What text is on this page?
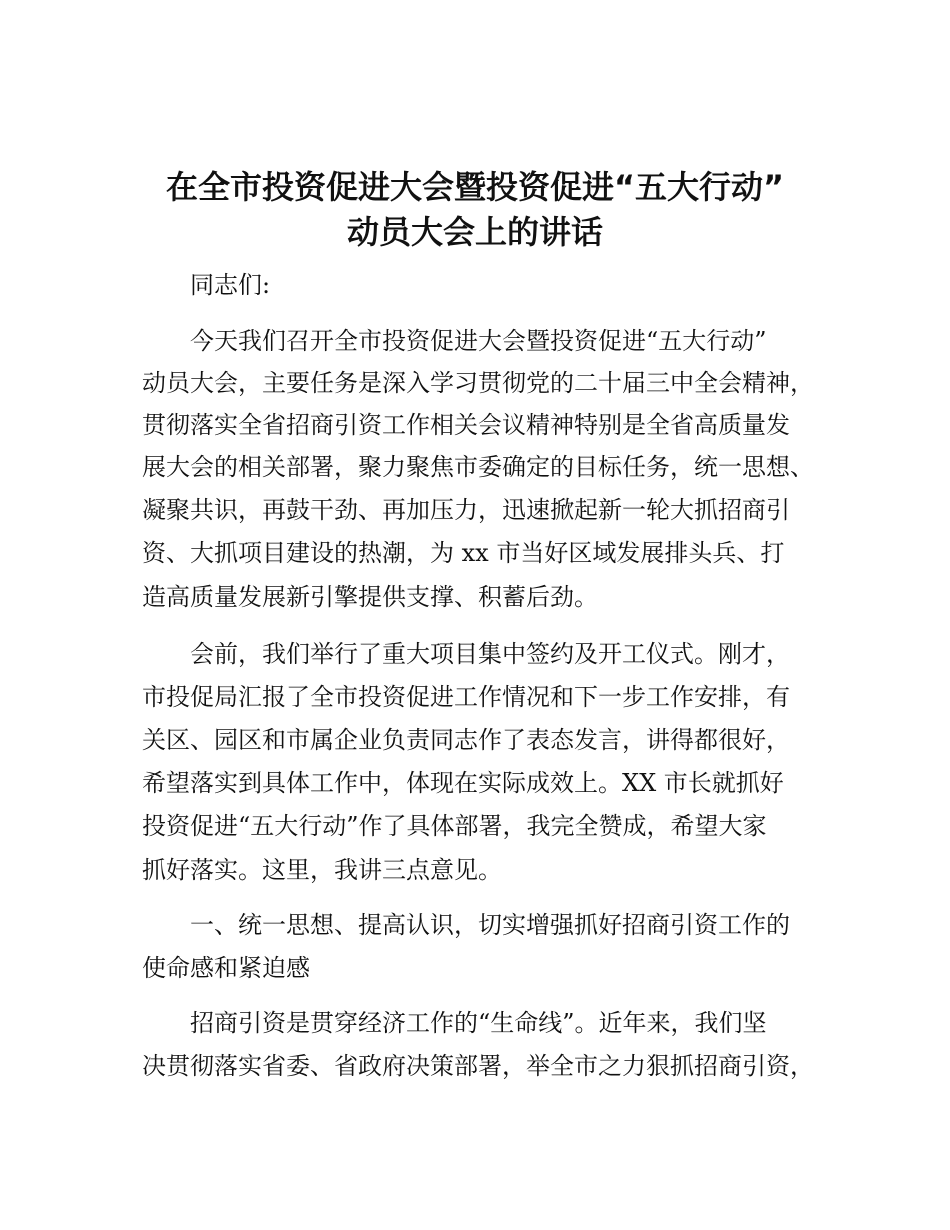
在全市投资促进大会暨投资促进“五大行动”
动员大会上的讲话
同志们:
今天我们召开全市投资促进大会暨投资促进“五大行动”
动员大会，主要任务是深入学习贯彻党的二十届三中全会精神，
贯彻落实全省招商引资工作相关会议精神特别是全省高质量发
展大会的相关部署，聚力聚焦市委确定的目标任务，统一思想、
凝聚共识，再鼓干劲、再加压力，迅速掀起新一轮大抓招商引
资、大抓项目建设的热潮，为 xx 市当好区域发展排头兵、打
造高质量发展新引擎提供支撑、积蓄后劲。
会前，我们举行了重大项目集中签约及开工仪式。刚才，
市投促局汇报了全市投资促进工作情况和下一步工作安排，有
关区、园区和市属企业负责同志作了表态发言，讲得都很好，
希望落实到具体工作中，体现在实际成效上。XX 市长就抓好
投资促进“五大行动”作了具体部署，我完全赞成，希望大家
抓好落实。这里，我讲三点意见。
一、统一思想、提高认识，切实增强抓好招商引资工作的
使命感和紧迫感
招商引资是贯穿经济工作的“生命线”。近年来，我们坚
决贯彻落实省委、省政府决策部署，举全市之力狠抓招商引资，
